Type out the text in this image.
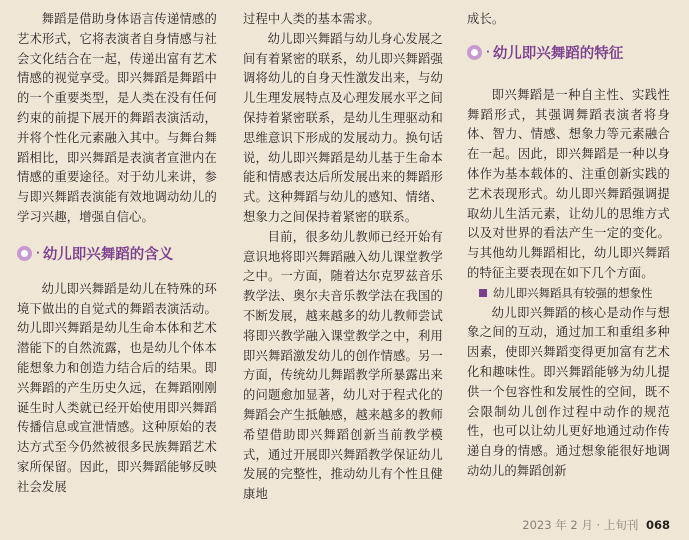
舞蹈是借助身体语言传递情感的艺术形式，它将表演者自身情感与社会文化结合在一起，传递出富有艺术情感的视觉享受。即兴舞蹈是舞蹈中的一个重要类型，是人类在没有任何约束的前提下展开的舞蹈表演活动，并将个性化元素融入其中。与舞台舞蹈相比，即兴舞蹈是表演者宣泄内在情感的重要途径。对于幼儿来讲，参与即兴舞蹈表演能有效地调动幼儿的学习兴趣，增强自信心。

· 幼儿即兴舞蹈的含义

幼儿即兴舞蹈是幼儿在特殊的环境下做出的自觉式的舞蹈表演活动。幼儿即兴舞蹈是幼儿生命本体和艺术潜能下的自然流露，也是幼儿个体本能想象力和创造力结合后的结果。即兴舞蹈的产生历史久远，在舞蹈刚刚诞生时人类就已经开始使用即兴舞蹈传播信息或宣泄情感。这种原始的表达方式至今仍然被很多民族舞蹈艺术家所保留。因此，即兴舞蹈能够反映社会发展

过程中人类的基本需求。

幼儿即兴舞蹈与幼儿身心发展之间有着紧密的联系，幼儿即兴舞蹈强调将幼儿的自身天性激发出来，与幼儿生理发展特点及心理发展水平之间保持着紧密联系，是幼儿生理驱动和思维意识下形成的发展动力。换句话说，幼儿即兴舞蹈是幼儿基于生命本能和情感表达后所发展出来的舞蹈形式。这种舞蹈与幼儿的感知、情绪、想象力之间保持着紧密的联系。

目前，很多幼儿教师已经开始有意识地将即兴舞蹈融入幼儿课堂教学之中。一方面，随着达尔克罗兹音乐教学法、奥尔夫音乐教学法在我国的不断发展，越来越多的幼儿教师尝试将即兴教学融入课堂教学之中，利用即兴舞蹈激发幼儿的创作情感。另一方面，传统幼儿舞蹈教学所暴露出来的问题愈加显著，幼儿对于程式化的舞蹈会产生抵触感，越来越多的教师希望借助即兴舞蹈创新当前教学模式，通过开展即兴舞蹈教学保证幼儿发展的完整性，推动幼儿有个性且健康地

成长。

· 幼儿即兴舞蹈的特征

即兴舞蹈是一种自主性、实践性舞蹈形式，其强调舞蹈表演者将身体、智力、情感、想象力等元素融合在一起。因此，即兴舞蹈是一种以身体作为基本载体的、注重创新实践的艺术表现形式。幼儿即兴舞蹈强调提取幼儿生活元素，让幼儿的思维方式以及对世界的看法产生一定的变化。与其他幼儿舞蹈相比，幼儿即兴舞蹈的特征主要表现在如下几个方面。

幼儿即兴舞蹈具有较强的想象性

幼儿即兴舞蹈的核心是动作与想象之间的互动，通过加工和重组多种因素，使即兴舞蹈变得更加富有艺术化和趣味性。即兴舞蹈能够为幼儿提供一个包容性和发展性的空间，既不会限制幼儿创作过程中动作的规范性，也可以让幼儿更好地通过动作传递自身的情感。通过想象能很好地调动幼儿的舞蹈创新

2023 年 2 月 · 上旬刊 068
